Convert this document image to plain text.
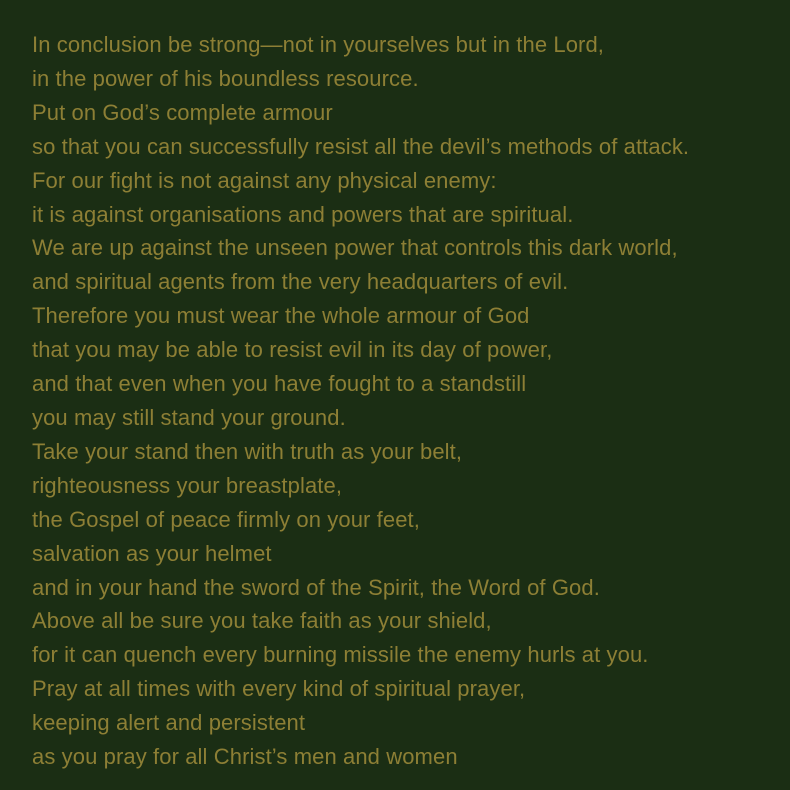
In conclusion be strong—not in yourselves but in the Lord,
in the power of his boundless resource.
Put on God’s complete armour
so that you can successfully resist all the devil’s methods of attack.
For our fight is not against any physical enemy:
it is against organisations and powers that are spiritual.
We are up against the unseen power that controls this dark world,
and spiritual agents from the very headquarters of evil.
Therefore you must wear the whole armour of God
that you may be able to resist evil in its day of power,
and that even when you have fought to a standstill
you may still stand your ground.
Take your stand then with truth as your belt,
righteousness your breastplate,
the Gospel of peace firmly on your feet,
salvation as your helmet
and in your hand the sword of the Spirit, the Word of God.
Above all be sure you take faith as your shield,
for it can quench every burning missile the enemy hurls at you.
Pray at all times with every kind of spiritual prayer,
keeping alert and persistent
as you pray for all Christ’s men and women
